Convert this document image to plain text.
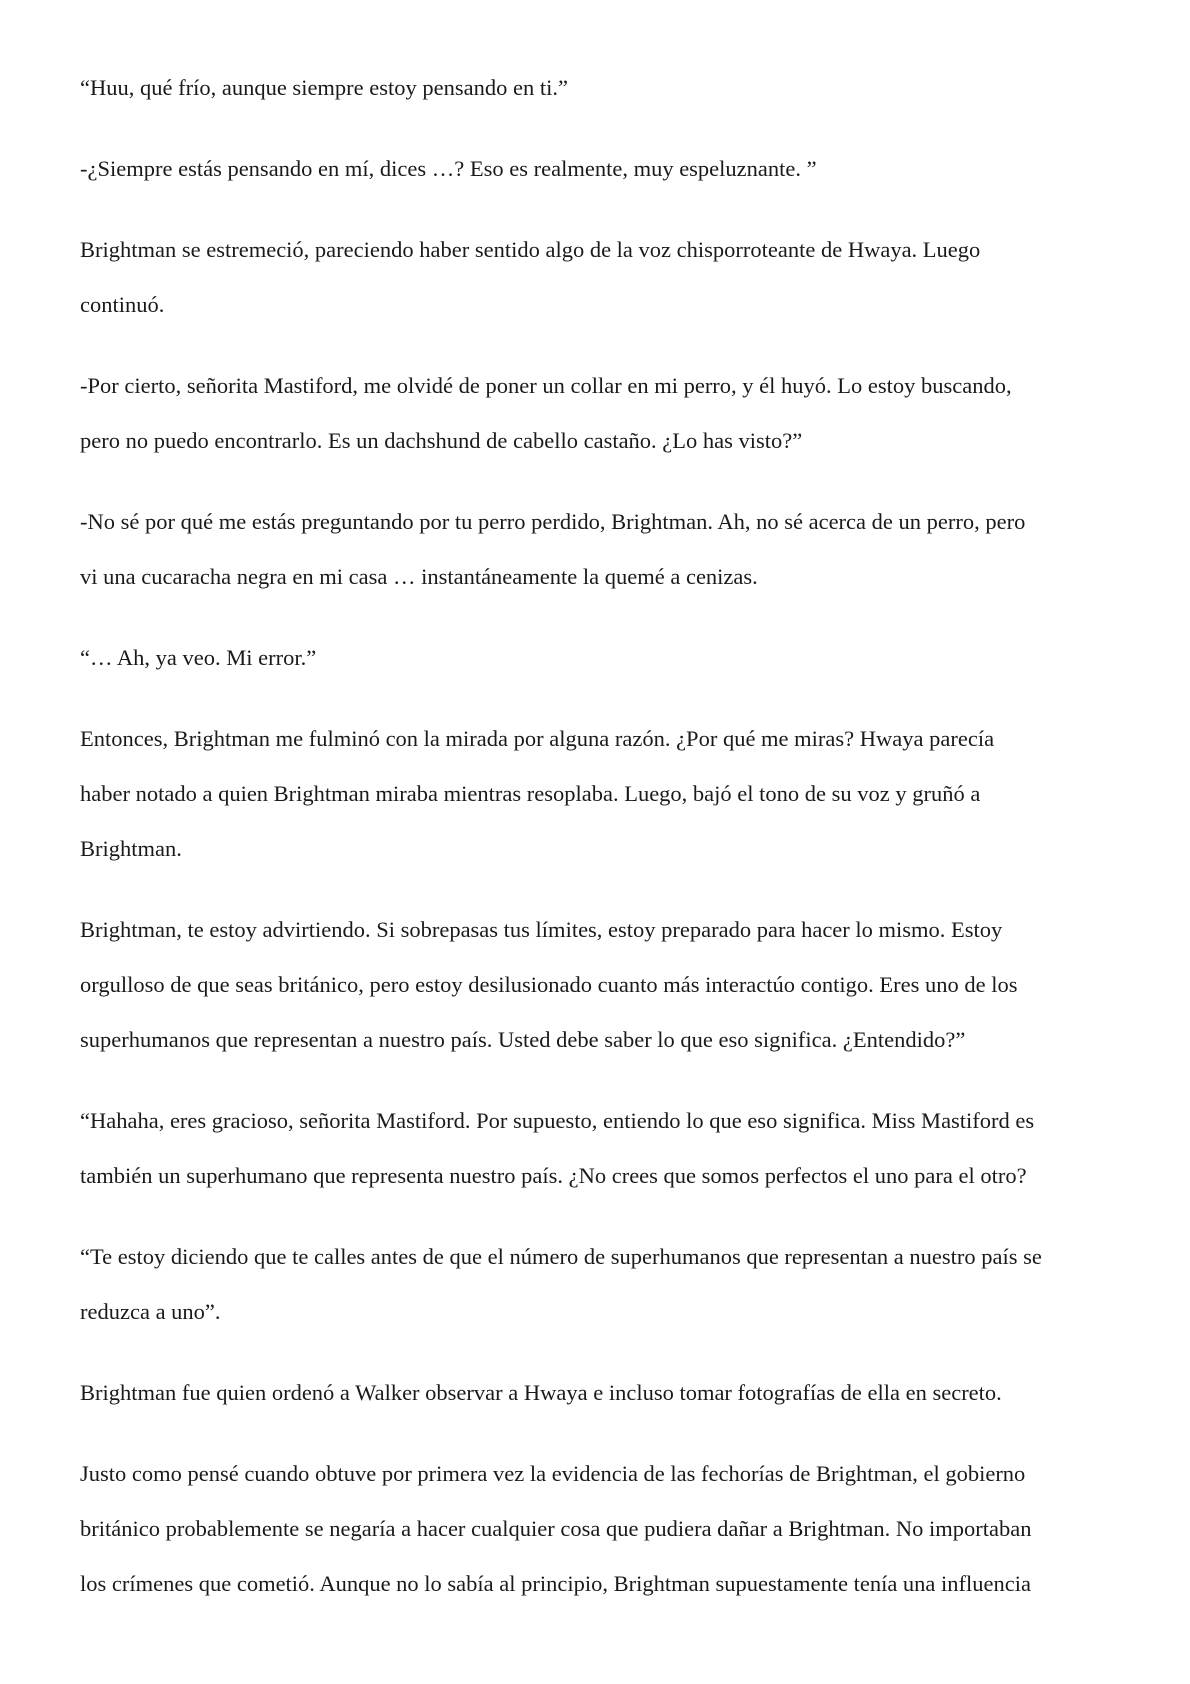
“Huu, qué frío, aunque siempre estoy pensando en ti.”

-¿Siempre estás pensando en mí, dices …? Eso es realmente, muy espeluznante. ”

Brightman se estremeció, pareciendo haber sentido algo de la voz chisporroteante de Hwaya. Luego
continuó.

-Por cierto, señorita Mastiford, me olvidé de poner un collar en mi perro, y él huyó. Lo estoy buscando,
pero no puedo encontrarlo. Es un dachshund de cabello castaño. ¿Lo has visto?”

-No sé por qué me estás preguntando por tu perro perdido, Brightman. Ah, no sé acerca de un perro, pero
vi una cucaracha negra en mi casa … instantáneamente la quemé a cenizas.

“… Ah, ya veo. Mi error.”

Entonces, Brightman me fulminó con la mirada por alguna razón. ¿Por qué me miras? Hwaya parecía
haber notado a quien Brightman miraba mientras resoplaba. Luego, bajó el tono de su voz y gruñó a
Brightman.

Brightman, te estoy advirtiendo. Si sobrepasas tus límites, estoy preparado para hacer lo mismo. Estoy
orgulloso de que seas británico, pero estoy desilusionado cuanto más interactúo contigo. Eres uno de los
superhumanos que representan a nuestro país. Usted debe saber lo que eso significa. ¿Entendido?”

“Hahaha, eres gracioso, señorita Mastiford. Por supuesto, entiendo lo que eso significa. Miss Mastiford es
también un superhumano que representa nuestro país. ¿No crees que somos perfectos el uno para el otro?

“Te estoy diciendo que te calles antes de que el número de superhumanos que representan a nuestro país se
reduzca a uno”.

Brightman fue quien ordenó a Walker observar a Hwaya e incluso tomar fotografías de ella en secreto.

Justo como pensé cuando obtuve por primera vez la evidencia de las fechorías de Brightman, el gobierno
británico probablemente se negaría a hacer cualquier cosa que pudiera dañar a Brightman. No importaban
los crímenes que cometió. Aunque no lo sabía al principio, Brightman supuestamente tenía una influencia
